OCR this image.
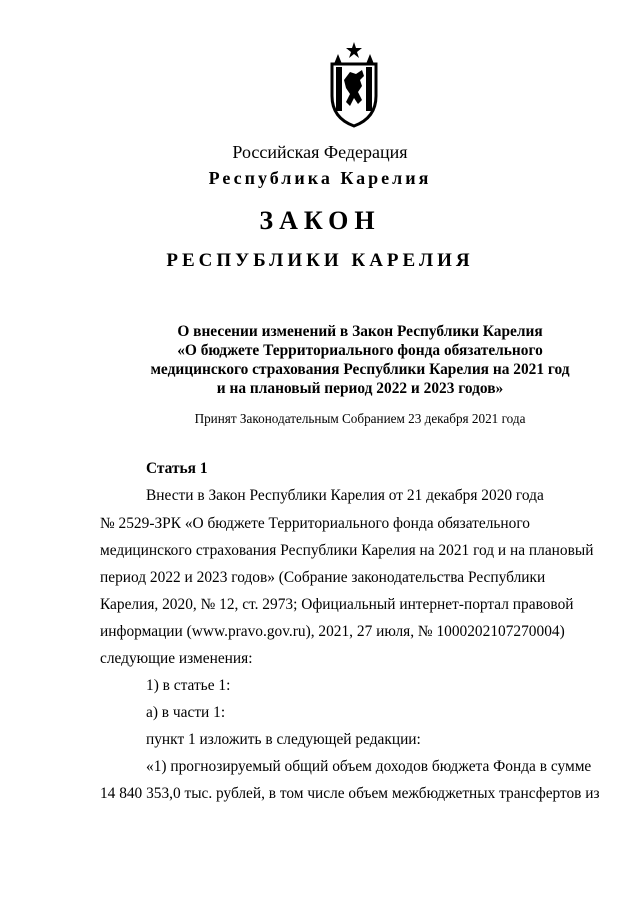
Российская Федерация
Республика Карелия
ЗАКОН
РЕСПУБЛИКИ КАРЕЛИЯ
О внесении изменений в Закон Республики Карелия
«О бюджете Территориального фонда обязательного
медицинского страхования Республики Карелия на 2021 год
и на плановый период 2022 и 2023 годов»
Принят Законодательным Собранием 23 декабря 2021 года
Статья 1
Внести в Закон Республики Карелия от 21 декабря 2020 года
№ 2529-ЗРК «О бюджете Территориального фонда обязательного
медицинского страхования Республики Карелия на 2021 год и на плановый
период 2022 и 2023 годов» (Собрание законодательства Республики
Карелия, 2020, № 12, ст. 2973; Официальный интернет-портал правовой
информации (www.pravo.gov.ru), 2021, 27 июля, № 1000202107270004)
следующие изменения:
1) в статье 1:
а) в части 1:
пункт 1 изложить в следующей редакции:
«1) прогнозируемый общий объем доходов бюджета Фонда в сумме
14 840 353,0 тыс. рублей, в том числе объем межбюджетных трансфертов из
